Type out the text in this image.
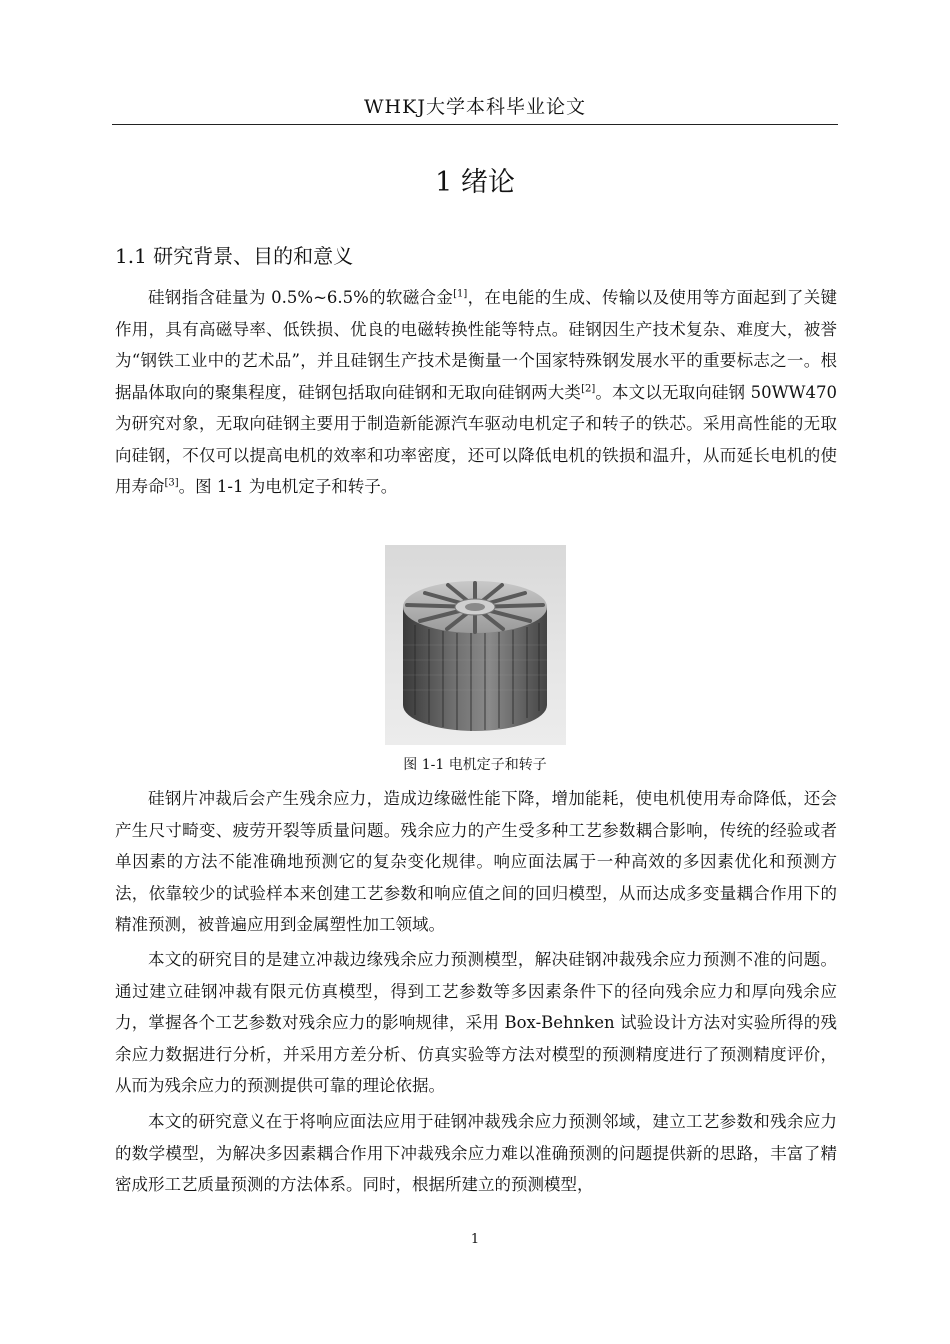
WHKJ大学本科毕业论文
1 绪论
1.1 研究背景、目的和意义

硅钢指含硅量为 0.5%~6.5%的软磁合金[1]，在电能的生成、传输以及使用等方面起到了关键作用，具有高磁导率、低铁损、优良的电磁转换性能等特点。硅钢因生产技术复杂、难度大，被誉为“钢铁工业中的艺术品”，并且硅钢生产技术是衡量一个国家特殊钢发展水平的重要标志之一。根据晶体取向的聚集程度，硅钢包括取向硅钢和无取向硅钢两大类[2]。本文以无取向硅钢 50WW470 为研究对象，无取向硅钢主要用于制造新能源汽车驱动电机定子和转子的铁芯。采用高性能的无取向硅钢，不仅可以提高电机的效率和功率密度，还可以降低电机的铁损和温升，从而延长电机的使用寿命[3]。图 1-1 为电机定子和转子。

图 1-1 电机定子和转子

硅钢片冲裁后会产生残余应力，造成边缘磁性能下降，增加能耗，使电机使用寿命降低，还会产生尺寸畸变、疲劳开裂等质量问题。残余应力的产生受多种工艺参数耦合影响，传统的经验或者单因素的方法不能准确地预测它的复杂变化规律。响应面法属于一种高效的多因素优化和预测方法，依靠较少的试验样本来创建工艺参数和响应值之间的回归模型，从而达成多变量耦合作用下的精准预测，被普遍应用到金属塑性加工领域。

本文的研究目的是建立冲裁边缘残余应力预测模型，解决硅钢冲裁残余应力预测不准的问题。通过建立硅钢冲裁有限元仿真模型，得到工艺参数等多因素条件下的径向残余应力和厚向残余应力，掌握各个工艺参数对残余应力的影响规律，采用 Box-Behnken 试验设计方法对实验所得的残余应力数据进行分析，并采用方差分析、仿真实验等方法对模型的预测精度进行了预测精度评价，从而为残余应力的预测提供可靠的理论依据。

本文的研究意义在于将响应面法应用于硅钢冲裁残余应力预测邻域，建立工艺参数和残余应力的数学模型，为解决多因素耦合作用下冲裁残余应力难以准确预测的问题提供新的思路，丰富了精密成形工艺质量预测的方法体系。同时，根据所建立的预测模型，

1
